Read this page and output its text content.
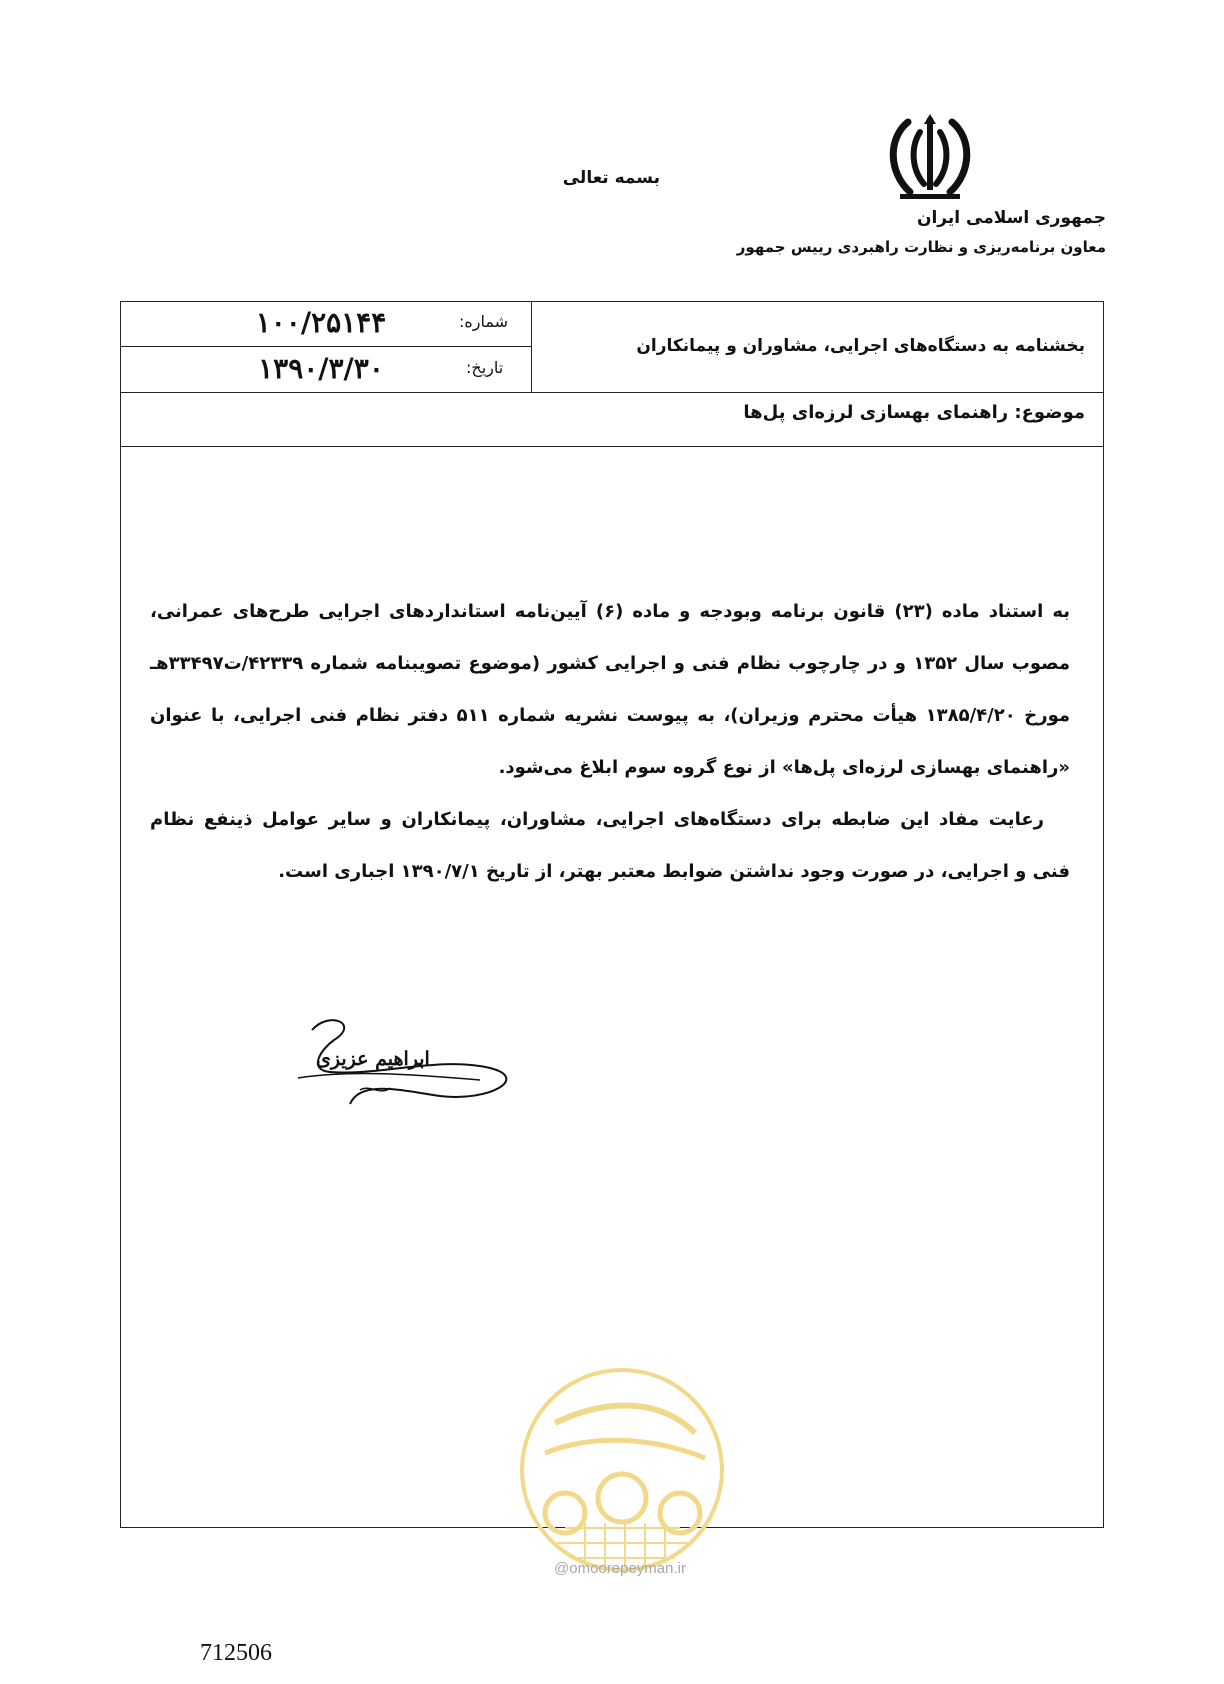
بسمه تعالی
جمهوری اسلامی ایران
معاون برنامه‌ریزی و نظارت راهبردی رییس جمهور
شماره:
۱۰۰/۲۵۱۴۴
تاریخ:
۱۳۹۰/۳/۳۰
بخشنامه به دستگاه‌های اجرایی، مشاوران و پیمانکاران
موضوع: راهنمای بهسازی لرزه‌ای پل‌ها

به استناد ماده (۲۳) قانون برنامه وبودجه و ماده (۶) آیین‌نامه استانداردهای اجرایی طرح‌های عمرانی، مصوب سال ۱۳۵۲ و در چارچوب نظام فنی و اجرایی کشور (موضوع تصویبنامه شماره ۴۲۳۳۹/ت۳۳۴۹۷هـ مورخ ۱۳۸۵/۴/۲۰ هیأت محترم وزیران)، به پیوست نشریه شماره ۵۱۱ دفتر نظام فنی اجرایی، با عنوان «راهنمای بهسازی لرزه‌ای پل‌ها» از نوع گروه سوم ابلاغ می‌شود.

رعایت مفاد این ضابطه برای دستگاه‌های اجرایی، مشاوران، پیمانکاران و سایر عوامل ذینفع نظام فنی و اجرایی، در صورت وجود نداشتن ضوابط معتبر بهتر، از تاریخ ۱۳۹۰/۷/۱ اجباری است.

ابراهیم عزیزی
@omoorepeyman.ir
712506
